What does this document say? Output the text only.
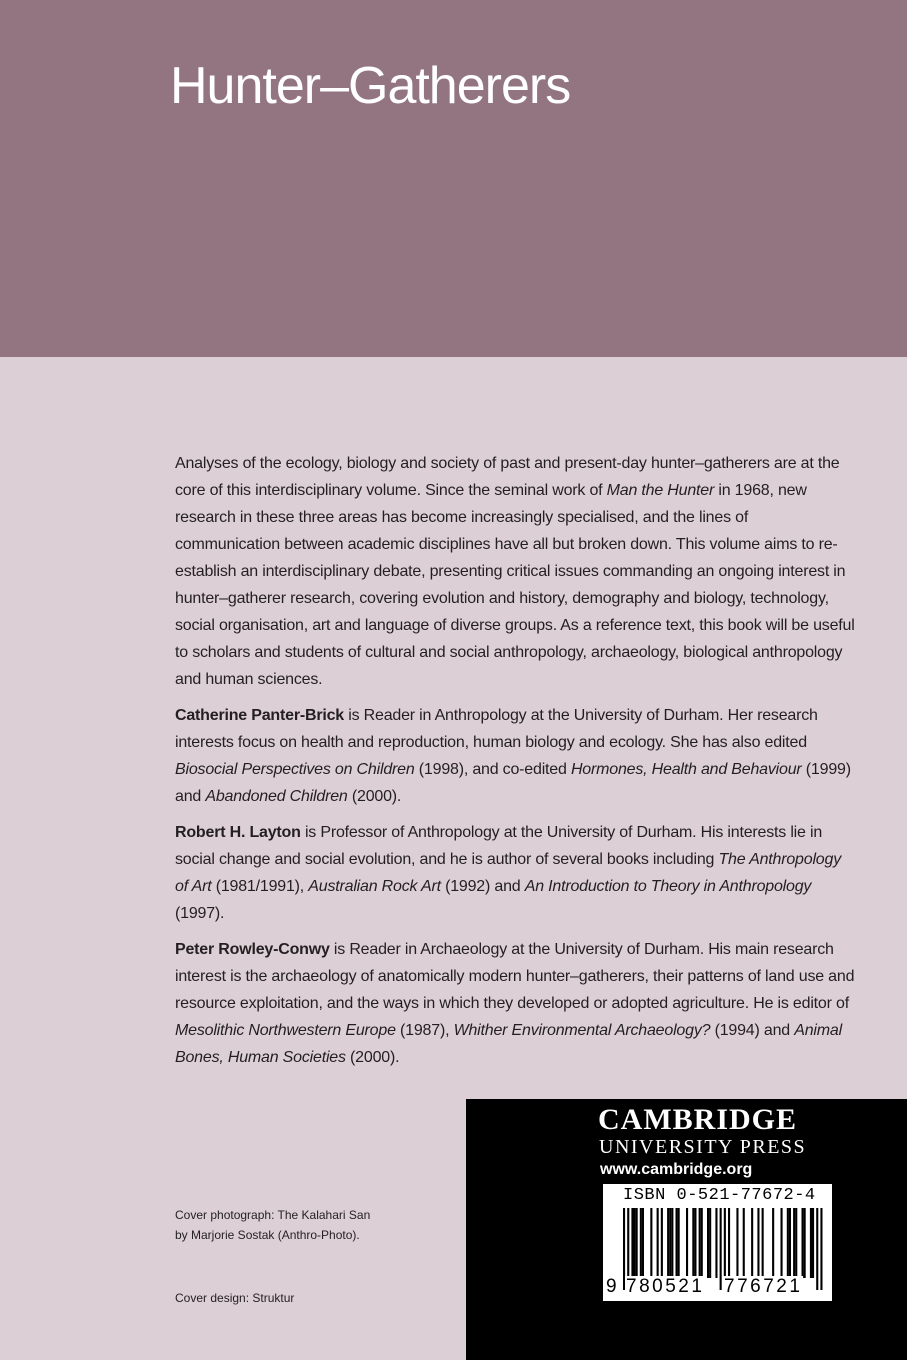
Hunter–Gatherers

Analyses of the ecology, biology and society of past and present-day hunter–gatherers are at the core of this interdisciplinary volume. Since the seminal work of Man the Hunter in 1968, new research in these three areas has become increasingly specialised, and the lines of communication between academic disciplines have all but broken down. This volume aims to re-establish an interdisciplinary debate, presenting critical issues commanding an ongoing interest in hunter–gatherer research, covering evolution and history, demography and biology, technology, social organisation, art and language of diverse groups. As a reference text, this book will be useful to scholars and students of cultural and social anthropology, archaeology, biological anthropology and human sciences.

Catherine Panter-Brick is Reader in Anthropology at the University of Durham. Her research interests focus on health and reproduction, human biology and ecology. She has also edited Biosocial Perspectives on Children (1998), and co-edited Hormones, Health and Behaviour (1999) and Abandoned Children (2000).

Robert H. Layton is Professor of Anthropology at the University of Durham. His interests lie in social change and social evolution, and he is author of several books including The Anthropology of Art (1981/1991), Australian Rock Art (1992) and An Introduction to Theory in Anthropology (1997).

Peter Rowley-Conwy is Reader in Archaeology at the University of Durham. His main research interest is the archaeology of anatomically modern hunter–gatherers, their patterns of land use and resource exploitation, and the ways in which they developed or adopted agriculture. He is editor of Mesolithic Northwestern Europe (1987), Whither Environmental Archaeology? (1994) and Animal Bones, Human Societies (2000).

Cover photograph: The Kalahari San
by Marjorie Sostak (Anthro-Photo).
Cover design: Struktur
CAMBRIDGE
UNIVERSITY PRESS
www.cambridge.org
ISBN 0-521-77672-4
9 780521 776721
